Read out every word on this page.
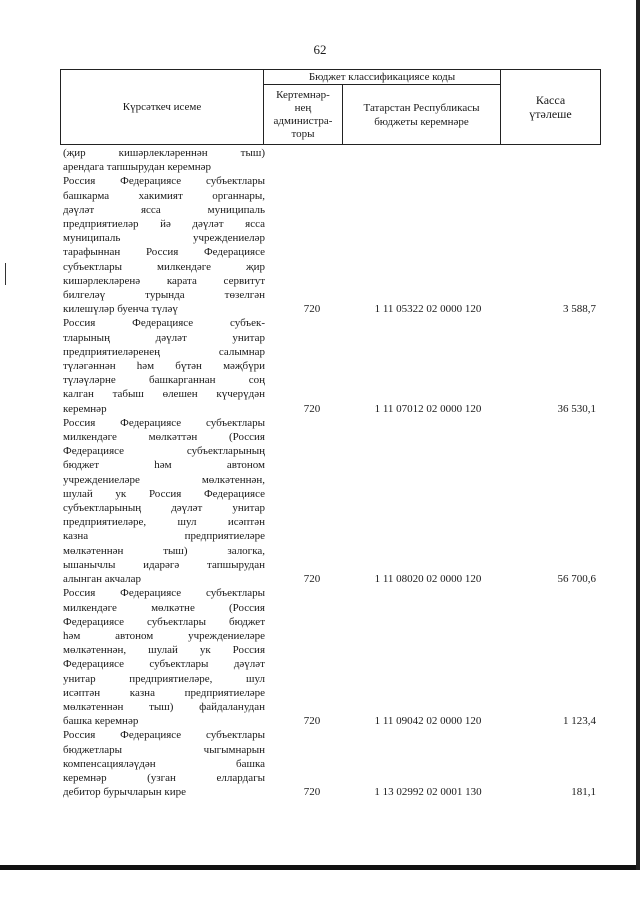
62
Күрсәткеч исеме
Бюджет классификациясе коды
Кертемнәр-
нең
администра-
торы
Татарстан Республикасы
бюджеты керемнәре
Касса
үтәлеше
(җир кишәрлекләреннән тыш)
арендага тапшырудан керемнәр
Россия Федерациясе субъектлары
башкарма хакимият органнары,
дәүләт ясса муниципаль
предприятиеләр йә дәүләт ясса
муниципаль учреждениеләр
тарафыннан Россия Федерациясе
субъектлары милкендәге җир
кишәрлекләренә карата сервитут
билгеләү турында төзелгән
килешүләр буенча түләү	720	1 11 05322 02 0000 120	3 588,7
Россия Федерациясе субъек-
тларының дәүләт унитар
предприятиеләренең салымнар
түләгәннән һәм бүтән мәҗбүри
түләүләрне башкарганнан соң
калган табыш өлешен күчерүдән
керемнәр	720	1 11 07012 02 0000 120	36 530,1
Россия Федерациясе субъектлары
милкендәге мөлкәттән (Россия
Федерациясе субъектларының
бюджет һәм автоном
учреждениеләре мөлкәтеннән,
шулай ук Россия Федерациясе
субъектларының дәүләт унитар
предприятиеләре, шул исәптән
казна предприятиеләре
мөлкәтеннән тыш) залогка,
ышанычлы идарәгә тапшырудан
алынган акчалар	720	1 11 08020 02 0000 120	56 700,6
Россия Федерациясе субъектлары
милкендәге мөлкәтне (Россия
Федерациясе субъектлары бюджет
һәм автоном учреждениеләре
мөлкәтеннән, шулай ук Россия
Федерациясе субъектлары дәүләт
унитар предприятиеләре, шул
исәптән казна предприятиеләре
мөлкәтеннән тыш) файдаланудан
башка керемнәр	720	1 11 09042 02 0000 120	1 123,4
Россия Федерациясе субъектлары
бюджетлары чыгымнарын
компенсацияләүдән башка
керемнәр (узган еллардагы
дебитор бурычларын кире	720	1 13 02992 02 0001 130	181,1
